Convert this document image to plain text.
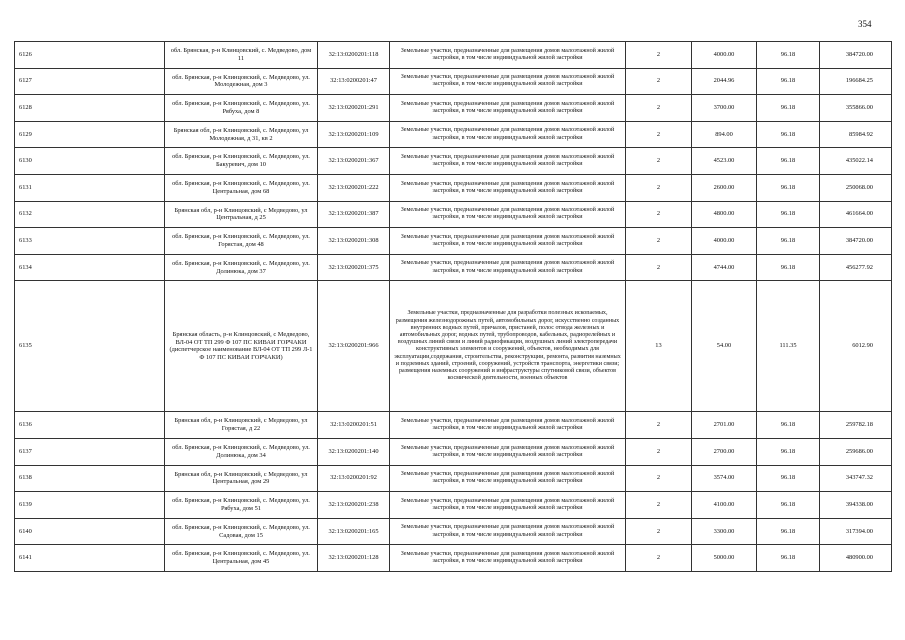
354
6126	обл. Брянская, р-н Клинцовский, с. Медведово, дом 11	32:13:0200201:118	Земельные участки, предназначенные для размещения домов малоэтажной жилой застройки, в том числе индивидуальной жилой застройки	2	4000.00	96.18	384720.00
6127	обл. Брянская, р-н Клинцовский, с. Медведово, ул. Молодежная, дом 3	32:13:0200201:47	Земельные участки, предназначенные для размещения домов малоэтажной жилой застройки, в том числе индивидуальной жилой застройки	2	2044.96	96.18	196684.25
6128	обл. Брянская, р-н Клинцовский, с. Медведово, ул. Рябуха, дом 8	32:13:0200201:291	Земельные участки, предназначенные для размещения домов малоэтажной жилой застройки, в том числе индивидуальной жилой застройки	2	3700.00	96.18	355866.00
6129	Брянская обл, р-н Клинцовский, с. Медведово, ул Молодежная, д 31, кв 2	32:13:0200201:109	Земельные участки, предназначенные для размещения домов малоэтажной жилой застройки, в том числе индивидуальной жилой застройки	2	894.00	96.18	85984.92
6130	обл. Брянская, р-н Клинцовский, с. Медведово, ул. Бакуревич, дом 10	32:13:0200201:367	Земельные участки, предназначенные для размещения домов малоэтажной жилой застройки, в том числе индивидуальной жилой застройки	2	4523.00	96.18	435022.14
6131	обл. Брянская, р-н Клинцовский, с. Медведово, ул. Центральная, дом 68	32:13:0200201:222	Земельные участки, предназначенные для размещения домов малоэтажной жилой застройки, в том числе индивидуальной жилой застройки	2	2600.00	96.18	250068.00
6132	Брянская обл, р-н Клинцовский, с Медведово, ул Центральная, д 25	32:13:0200201:387	Земельные участки, предназначенные для размещения домов малоэтажной жилой застройки, в том числе индивидуальной жилой застройки	2	4800.00	96.18	461664.00
6133	обл. Брянская, р-н Клинцовский, с. Медведово, ул. Горястая, дом 48	32:13:0200201:308	Земельные участки, предназначенные для размещения домов малоэтажной жилой застройки, в том числе индивидуальной жилой застройки	2	4000.00	96.18	384720.00
6134	обл. Брянская, р-н Клинцовский, с. Медведово, ул. Долинюка, дом 37	32:13:0200201:375	Земельные участки, предназначенные для размещения домов малоэтажной жилой застройки, в том числе индивидуальной жилой застройки	2	4744.00	96.18	456277.92
6135	Брянская область, р-н Клинцовский, с Медведово, ВЛ-04 ОТ ТП 299 Ф 107 ПС КИВАИ ГОРЧАКИ (диспетчерское наименование ВЛ-04 ОТ ТП 299 Л-1 Ф 107 ПС КИВАИ ГОРЧАКИ)	32:13:0200201:966	Земельные участки, предназначенные для разработки полезных ископаемых, размещения железнодорожных путей, автомобильных дорог, искусственно созданных внутренних водных путей, причалов, пристаней, полос отвода железных и автомобильных дорог, водных путей, трубопроводов, кабельных, радиорелейных и воздушных линий связи и линий радиофикации, воздушных линий электропередачи конструктивных элементов и сооружений, объектов, необходимых для эксплуатации,содержания, строительства, реконструкции, ремонта, развития наземных и подземных зданий, строений, сооружений, устройств транспорта, энергетики связи; размещения наземных сооружений и инфраструктуры спутниковой связи, объектов космической деятельности, военных объектов	13	54.00	111.35	6012.90
6136	Брянская обл, р-н Клинцовский, с Медведово, ул Горястая, д 22	32:13:0200201:51	Земельные участки, предназначенные для размещения домов малоэтажной жилой застройки, в том числе индивидуальной жилой застройки	2	2701.00	96.18	259782.18
6137	обл. Брянская, р-н Клинцовский, с. Медведово, ул. Долинюка, дом 34	32:13:0200201:140	Земельные участки, предназначенные для размещения домов малоэтажной жилой застройки, в том числе индивидуальной жилой застройки	2	2700.00	96.18	259686.00
6138	Брянская обл, р-н Клинцовский, с Медведово, ул Центральная, дом 29	32:13:0200201:92	Земельные участки, предназначенные для размещения домов малоэтажной жилой застройки, в том числе индивидуальной жилой застройки	2	3574.00	96.18	343747.32
6139	обл. Брянская, р-н Клинцовский, с. Медведово, ул. Рябуха, дом 51	32:13:0200201:238	Земельные участки, предназначенные для размещения домов малоэтажной жилой застройки, в том числе индивидуальной жилой застройки	2	4100.00	96.18	394338.00
6140	обл. Брянская, р-н Клинцовский, с. Медведово, ул. Садовая, дом 15	32:13:0200201:165	Земельные участки, предназначенные для размещения домов малоэтажной жилой застройки, в том числе индивидуальной жилой застройки	2	3300.00	96.18	317394.00
6141	обл. Брянская, р-н Клинцовский, с. Медведово, ул. Центральная, дом 45	32:13:0200201:128	Земельные участки, предназначенные для размещения домов малоэтажной жилой застройки, в том числе индивидуальной жилой застройки	2	5000.00	96.18	480900.00
